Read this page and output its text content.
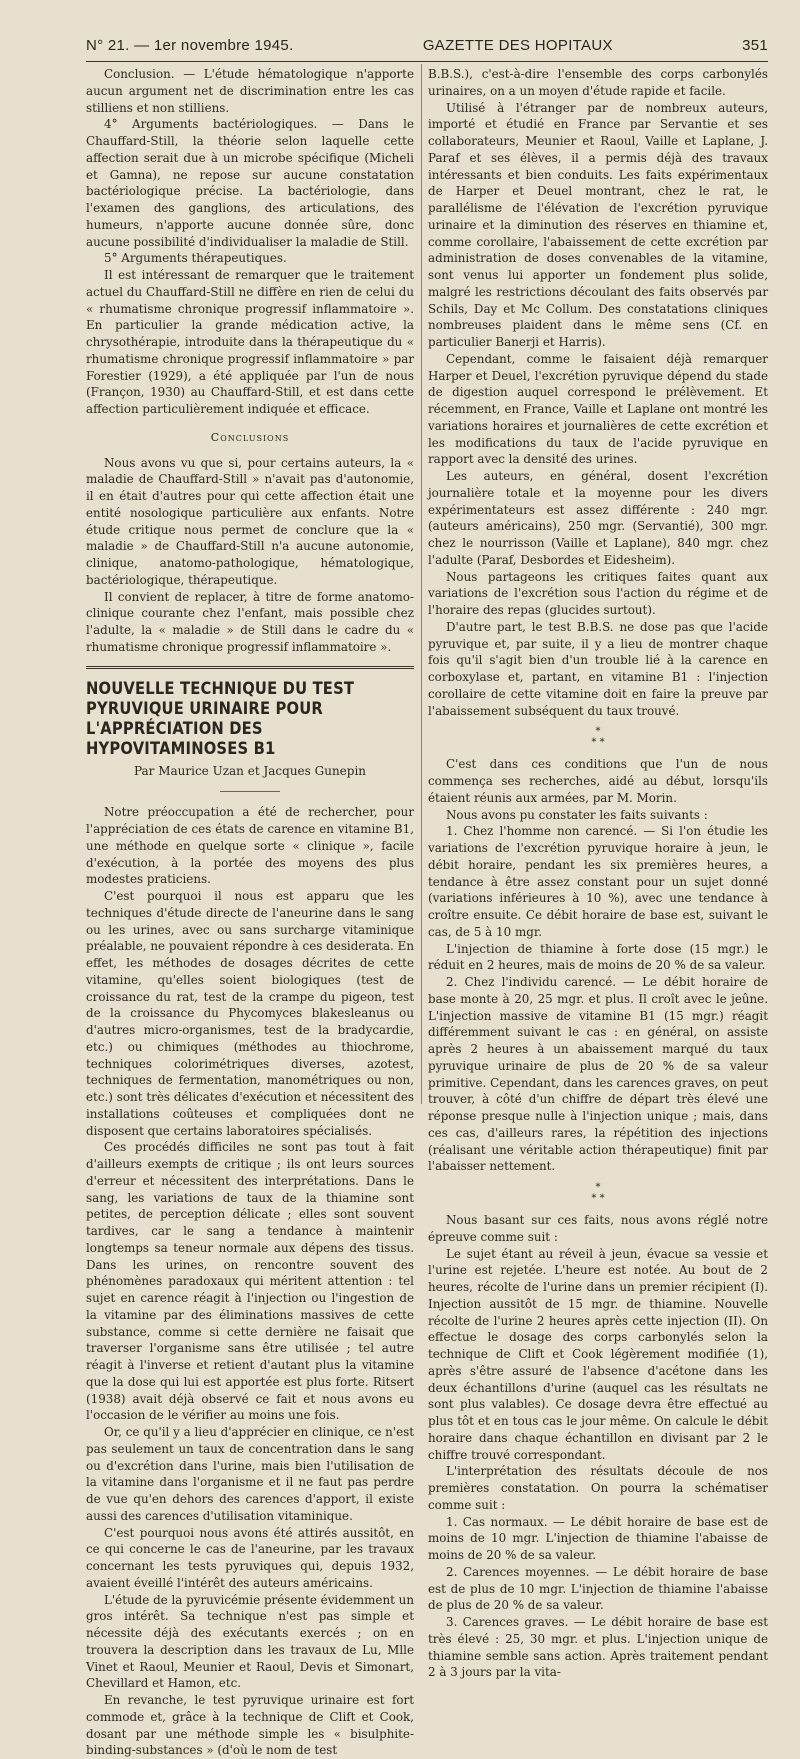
N° 21. — 1er novembre 1945.	GAZETTE DES HOPITAUX	351

Conclusion. — L'étude hématologique n'apporte aucun argument net de discrimination entre les cas stilliens et non stilliens.

4° Arguments bactériologiques. — Dans le Chauffard-Still, la théorie selon laquelle cette affection serait due à un microbe spécifique (Micheli et Gamna), ne repose sur aucune constatation bactériologique précise. La bactériologie, dans l'examen des ganglions, des articulations, des humeurs, n'apporte aucune donnée sûre, donc aucune possibilité d'individualiser la maladie de Still.

5° Arguments thérapeutiques.

Il est intéressant de remarquer que le traitement actuel du Chauffard-Still ne diffère en rien de celui du « rhumatisme chronique progressif inflammatoire ». En particulier la grande médication active, la chrysothérapie, introduite dans la thérapeutique du « rhumatisme chronique progressif inflammatoire » par Forestier (1929), a été appliquée par l'un de nous (Françon, 1930) au Chauffard-Still, et est dans cette affection particulièrement indiquée et efficace.

Conclusions

Nous avons vu que si, pour certains auteurs, la « maladie de Chauffard-Still » n'avait pas d'autonomie, il en était d'autres pour qui cette affection était une entité nosologique particulière aux enfants. Notre étude critique nous permet de conclure que la « maladie » de Chauffard-Still n'a aucune autonomie, clinique, anatomo-pathologique, hématologique, bactériologique, thérapeutique.

Il convient de replacer, à titre de forme anatomo-clinique courante chez l'enfant, mais possible chez l'adulte, la « maladie » de Still dans le cadre du « rhumatisme chronique progressif inflammatoire ».

NOUVELLE TECHNIQUE DU TEST PYRUVIQUE URINAIRE POUR L'APPRÉCIATION DES HYPOVITAMINOSES B1
Par Maurice Uzan et Jacques Gunepin

Notre préoccupation a été de rechercher, pour l'appréciation de ces états de carence en vitamine B1, une méthode en quelque sorte « clinique », facile d'exécution, à la portée des moyens des plus modestes praticiens.

C'est pourquoi il nous est apparu que les techniques d'étude directe de l'aneurine dans le sang ou les urines, avec ou sans surcharge vitaminique préalable, ne pouvaient répondre à ces desiderata. En effet, les méthodes de dosages décrites de cette vitamine, qu'elles soient biologiques (test de croissance du rat, test de la crampe du pigeon, test de la croissance du Phycomyces blakesleanus ou d'autres micro-organismes, test de la bradycardie, etc.) ou chimiques (méthodes au thiochrome, techniques colorimétriques diverses, azotest, techniques de fermentation, manométriques ou non, etc.) sont très délicates d'exécution et nécessitent des installations coûteuses et compliquées dont ne disposent que certains laboratoires spécialisés.

Ces procédés difficiles ne sont pas tout à fait d'ailleurs exempts de critique ; ils ont leurs sources d'erreur et nécessitent des interprétations. Dans le sang, les variations de taux de la thiamine sont petites, de perception délicate ; elles sont souvent tardives, car le sang a tendance à maintenir longtemps sa teneur normale aux dépens des tissus. Dans les urines, on rencontre souvent des phénomènes paradoxaux qui méritent attention : tel sujet en carence réagit à l'injection ou l'ingestion de la vitamine par des éliminations massives de cette substance, comme si cette dernière ne faisait que traverser l'organisme sans être utilisée ; tel autre réagit à l'inverse et retient d'autant plus la vitamine que la dose qui lui est apportée est plus forte. Ritsert (1938) avait déjà observé ce fait et nous avons eu l'occasion de le vérifier au moins une fois.

Or, ce qu'il y a lieu d'apprécier en clinique, ce n'est pas seulement un taux de concentration dans le sang ou d'excrétion dans l'urine, mais bien l'utilisation de la vitamine dans l'organisme et il ne faut pas perdre de vue qu'en dehors des carences d'apport, il existe aussi des carences d'utilisation vitaminique.

C'est pourquoi nous avons été attirés aussitôt, en ce qui concerne le cas de l'aneurine, par les travaux concernant les tests pyruviques qui, depuis 1932, avaient éveillé l'intérêt des auteurs américains.

L'étude de la pyruvicémie présente évidemment un gros intérêt. Sa technique n'est pas simple et nécessite déjà des exécutants exercés ; on en trouvera la description dans les travaux de Lu, Mlle Vinet et Raoul, Meunier et Raoul, Devis et Simonart, Chevillard et Hamon, etc.

En revanche, le test pyruvique urinaire est fort commode et, grâce à la technique de Clift et Cook, dosant par une méthode simple les « bisulphite-binding-substances » (d'où le nom de test

B.B.S.), c'est-à-dire l'ensemble des corps carbonylés urinaires, on a un moyen d'étude rapide et facile.

Utilisé à l'étranger par de nombreux auteurs, importé et étudié en France par Servantie et ses collaborateurs, Meunier et Raoul, Vaille et Laplane, J. Paraf et ses élèves, il a permis déjà des travaux intéressants et bien conduits. Les faits expérimentaux de Harper et Deuel montrant, chez le rat, le parallélisme de l'élévation de l'excrétion pyruvique urinaire et la diminution des réserves en thiamine et, comme corollaire, l'abaissement de cette excrétion par administration de doses convenables de la vitamine, sont venus lui apporter un fondement plus solide, malgré les restrictions découlant des faits observés par Schils, Day et Mc Collum. Des constatations cliniques nombreuses plaident dans le même sens (Cf. en particulier Banerji et Harris).

Cependant, comme le faisaient déjà remarquer Harper et Deuel, l'excrétion pyruvique dépend du stade de digestion auquel correspond le prélèvement. Et récemment, en France, Vaille et Laplane ont montré les variations horaires et journalières de cette excrétion et les modifications du taux de l'acide pyruvique en rapport avec la densité des urines.

Les auteurs, en général, dosent l'excrétion journalière totale et la moyenne pour les divers expérimentateurs est assez différente : 240 mgr. (auteurs américains), 250 mgr. (Servantié), 300 mgr. chez le nourrisson (Vaille et Laplane), 840 mgr. chez l'adulte (Paraf, Desbordes et Eidesheim).

Nous partageons les critiques faites quant aux variations de l'excrétion sous l'action du régime et de l'horaire des repas (glucides surtout).

D'autre part, le test B.B.S. ne dose pas que l'acide pyruvique et, par suite, il y a lieu de montrer chaque fois qu'il s'agit bien d'un trouble lié à la carence en corboxylase et, partant, en vitamine B1 : l'injection corollaire de cette vitamine doit en faire la preuve par l'abaissement subséquent du taux trouvé.

*
* *

C'est dans ces conditions que l'un de nous commença ses recherches, aidé au début, lorsqu'ils étaient réunis aux armées, par M. Morin.

Nous avons pu constater les faits suivants :

1. Chez l'homme non carencé. — Si l'on étudie les variations de l'excrétion pyruvique horaire à jeun, le débit horaire, pendant les six premières heures, a tendance à être assez constant pour un sujet donné (variations inférieures à 10 %), avec une tendance à croître ensuite. Ce débit horaire de base est, suivant le cas, de 5 à 10 mgr.

L'injection de thiamine à forte dose (15 mgr.) le réduit en 2 heures, mais de moins de 20 % de sa valeur.

2. Chez l'individu carencé. — Le débit horaire de base monte à 20, 25 mgr. et plus. Il croît avec le jeûne. L'injection massive de vitamine B1 (15 mgr.) réagit différemment suivant le cas : en général, on assiste après 2 heures à un abaissement marqué du taux pyruvique urinaire de plus de 20 % de sa valeur primitive. Cependant, dans les carences graves, on peut trouver, à côté d'un chiffre de départ très élevé une réponse presque nulle à l'injection unique ; mais, dans ces cas, d'ailleurs rares, la répétition des injections (réalisant une véritable action thérapeutique) finit par l'abaisser nettement.

*
* *

Nous basant sur ces faits, nous avons réglé notre épreuve comme suit :

Le sujet étant au réveil à jeun, évacue sa vessie et l'urine est rejetée. L'heure est notée. Au bout de 2 heures, récolte de l'urine dans un premier récipient (I). Injection aussitôt de 15 mgr. de thiamine. Nouvelle récolte de l'urine 2 heures après cette injection (II). On effectue le dosage des corps carbonylés selon la technique de Clift et Cook légèrement modifiée (1), après s'être assuré de l'absence d'acétone dans les deux échantillons d'urine (auquel cas les résultats ne sont plus valables). Ce dosage devra être effectué au plus tôt et en tous cas le jour même. On calcule le débit horaire dans chaque échantillon en divisant par 2 le chiffre trouvé correspondant.

L'interprétation des résultats découle de nos premières constatation. On pourra la schématiser comme suit :

1. Cas normaux. — Le débit horaire de base est de moins de 10 mgr. L'injection de thiamine l'abaisse de moins de 20 % de sa valeur.

2. Carences moyennes. — Le débit horaire de base est de plus de 10 mgr. L'injection de thiamine l'abaisse de plus de 20 % de sa valeur.

3. Carences graves. — Le débit horaire de base est très élevé : 25, 30 mgr. et plus. L'injection unique de thiamine semble sans action. Après traitement pendant 2 à 3 jours par la vita-
